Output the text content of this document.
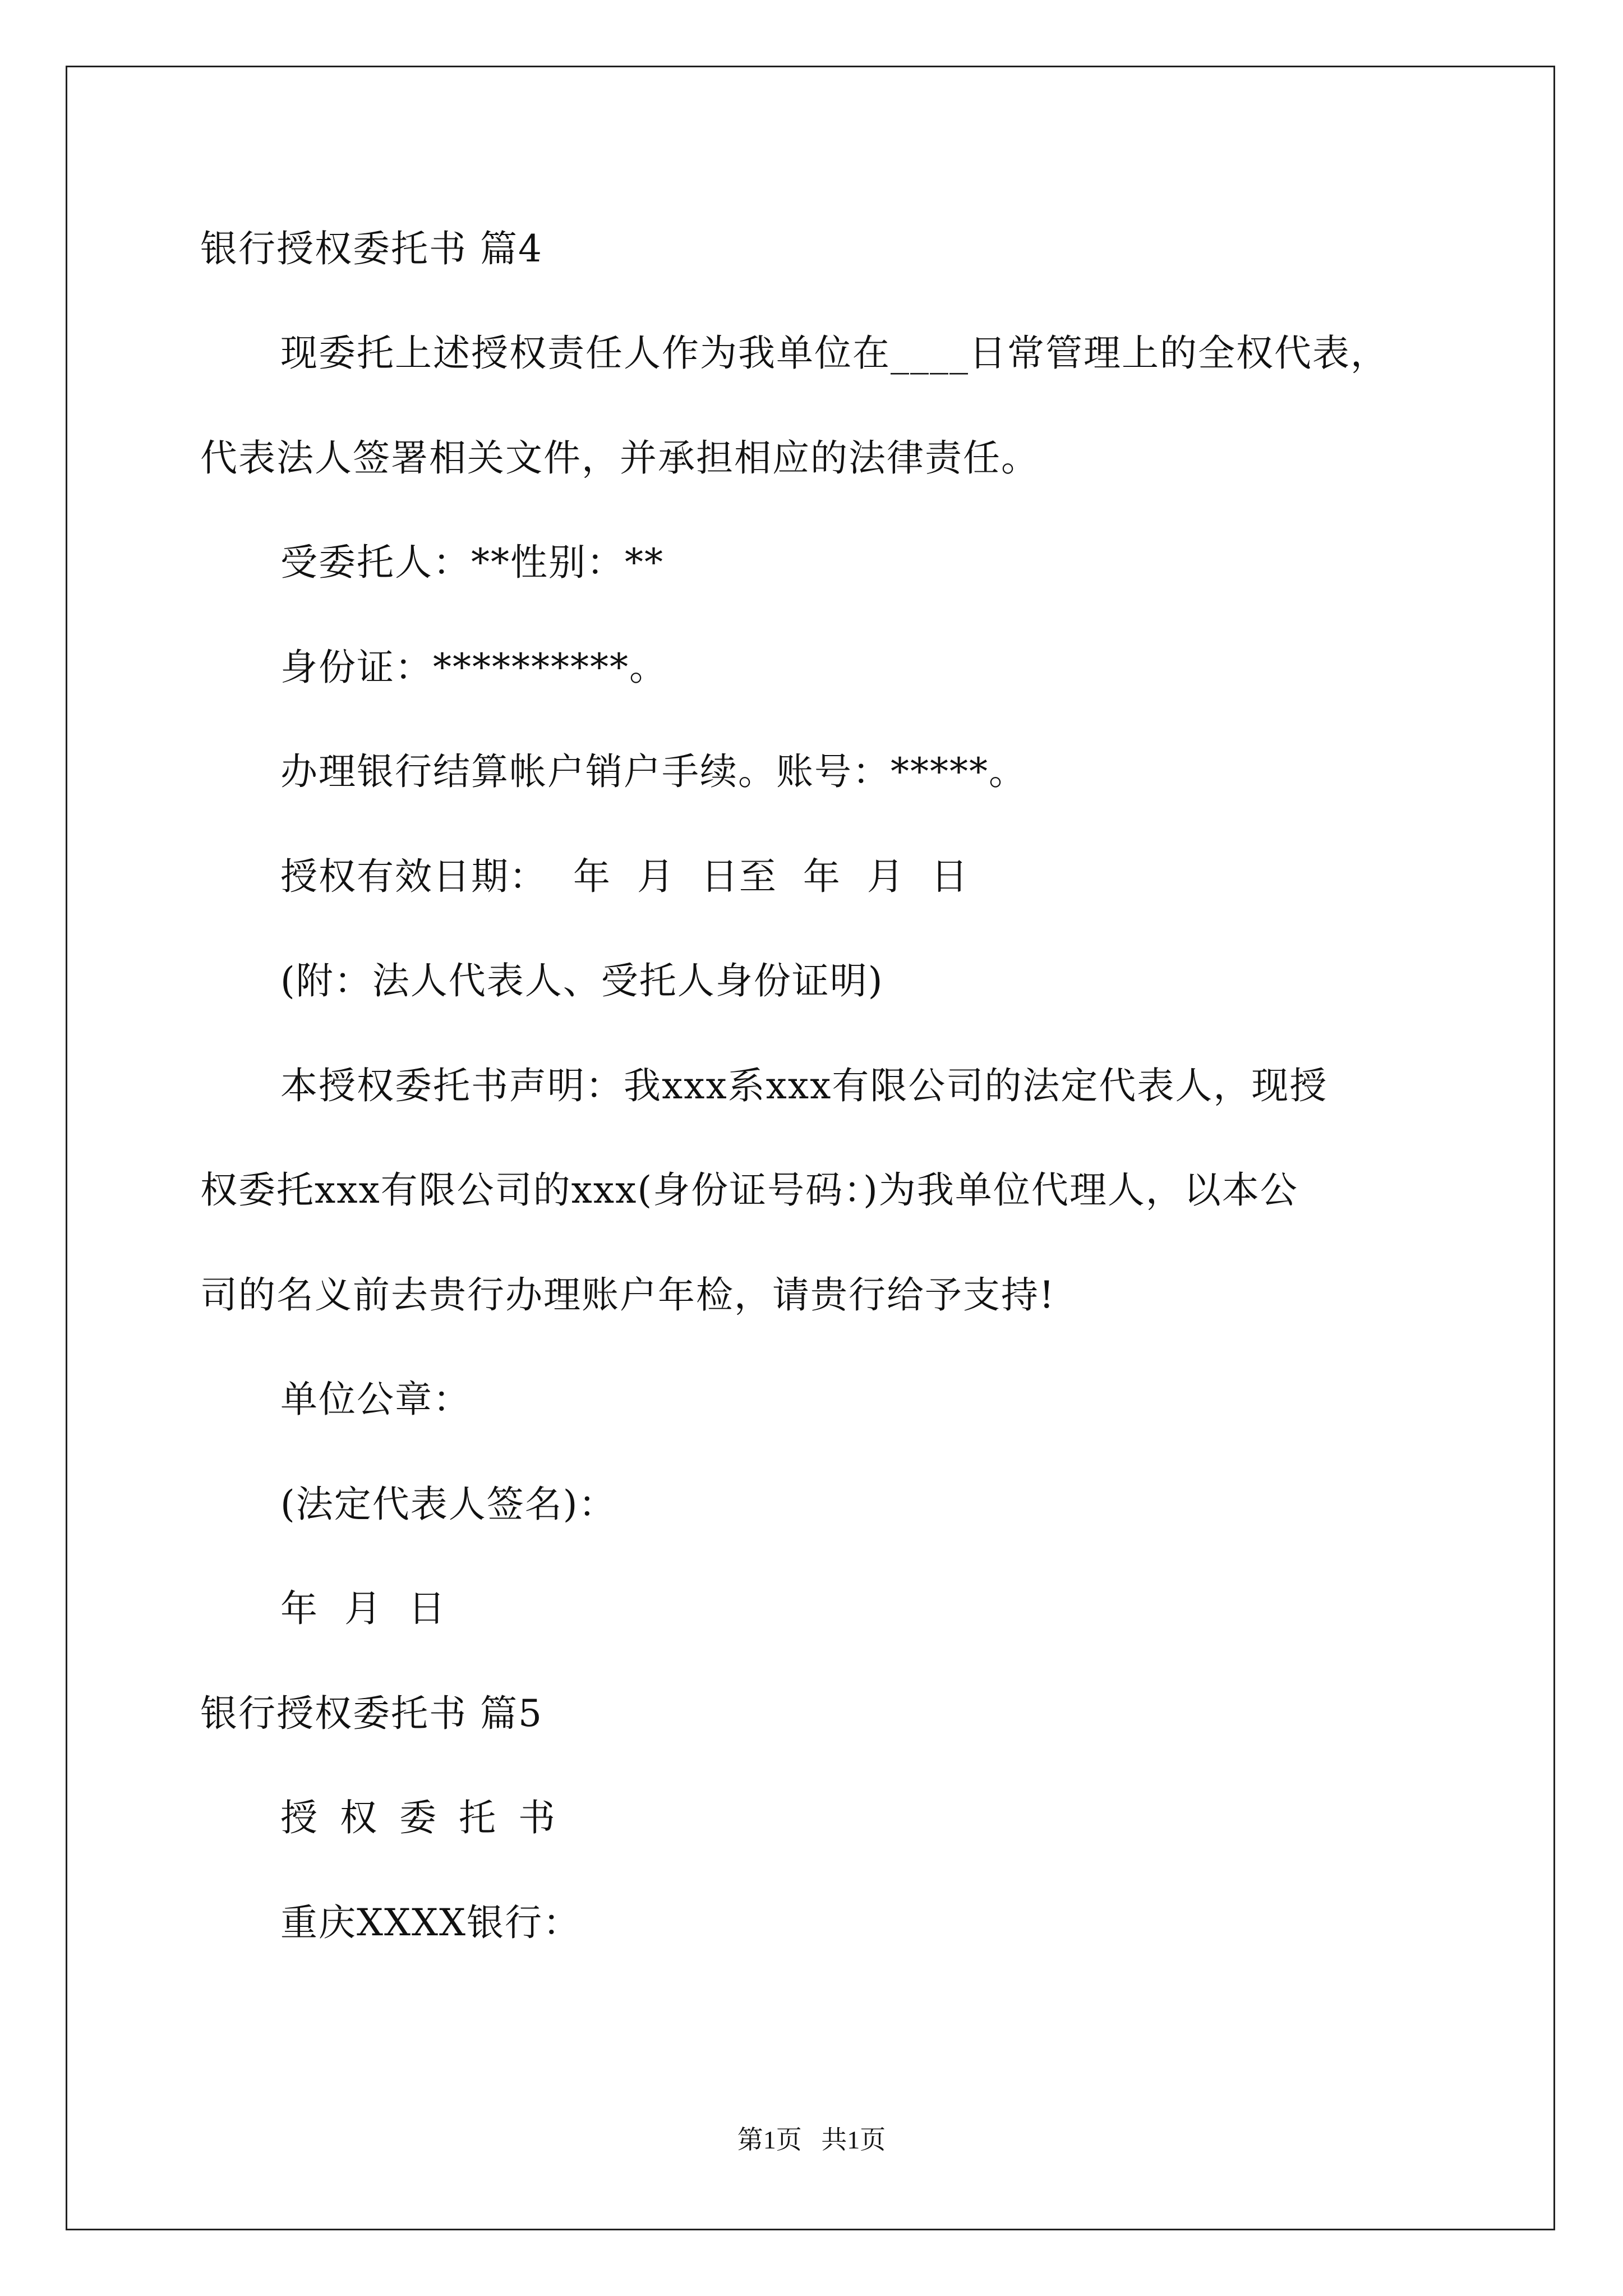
银行授权委托书 篇4
现委托上述授权责任人作为我单位在____日常管理上的全权代表，
代表法人签署相关文件，并承担相应的法律责任。
受委托人：**性别：**
身份证：**********。
办理银行结算帐户销户手续。账号：*****。
授权有效日期：  年  月  日至  年  月  日
(附：法人代表人、受托人身份证明)
本授权委托书声明：我xxx系xxx有限公司的法定代表人，现授
权委托xxx有限公司的xxx(身份证号码：)为我单位代理人，以本公
司的名义前去贵行办理账户年检，请贵行给予支持!
单位公章：
(法定代表人签名)：
年  月  日
银行授权委托书 篇5
授权委托书
重庆XXXX银行：
第1页   共1页
